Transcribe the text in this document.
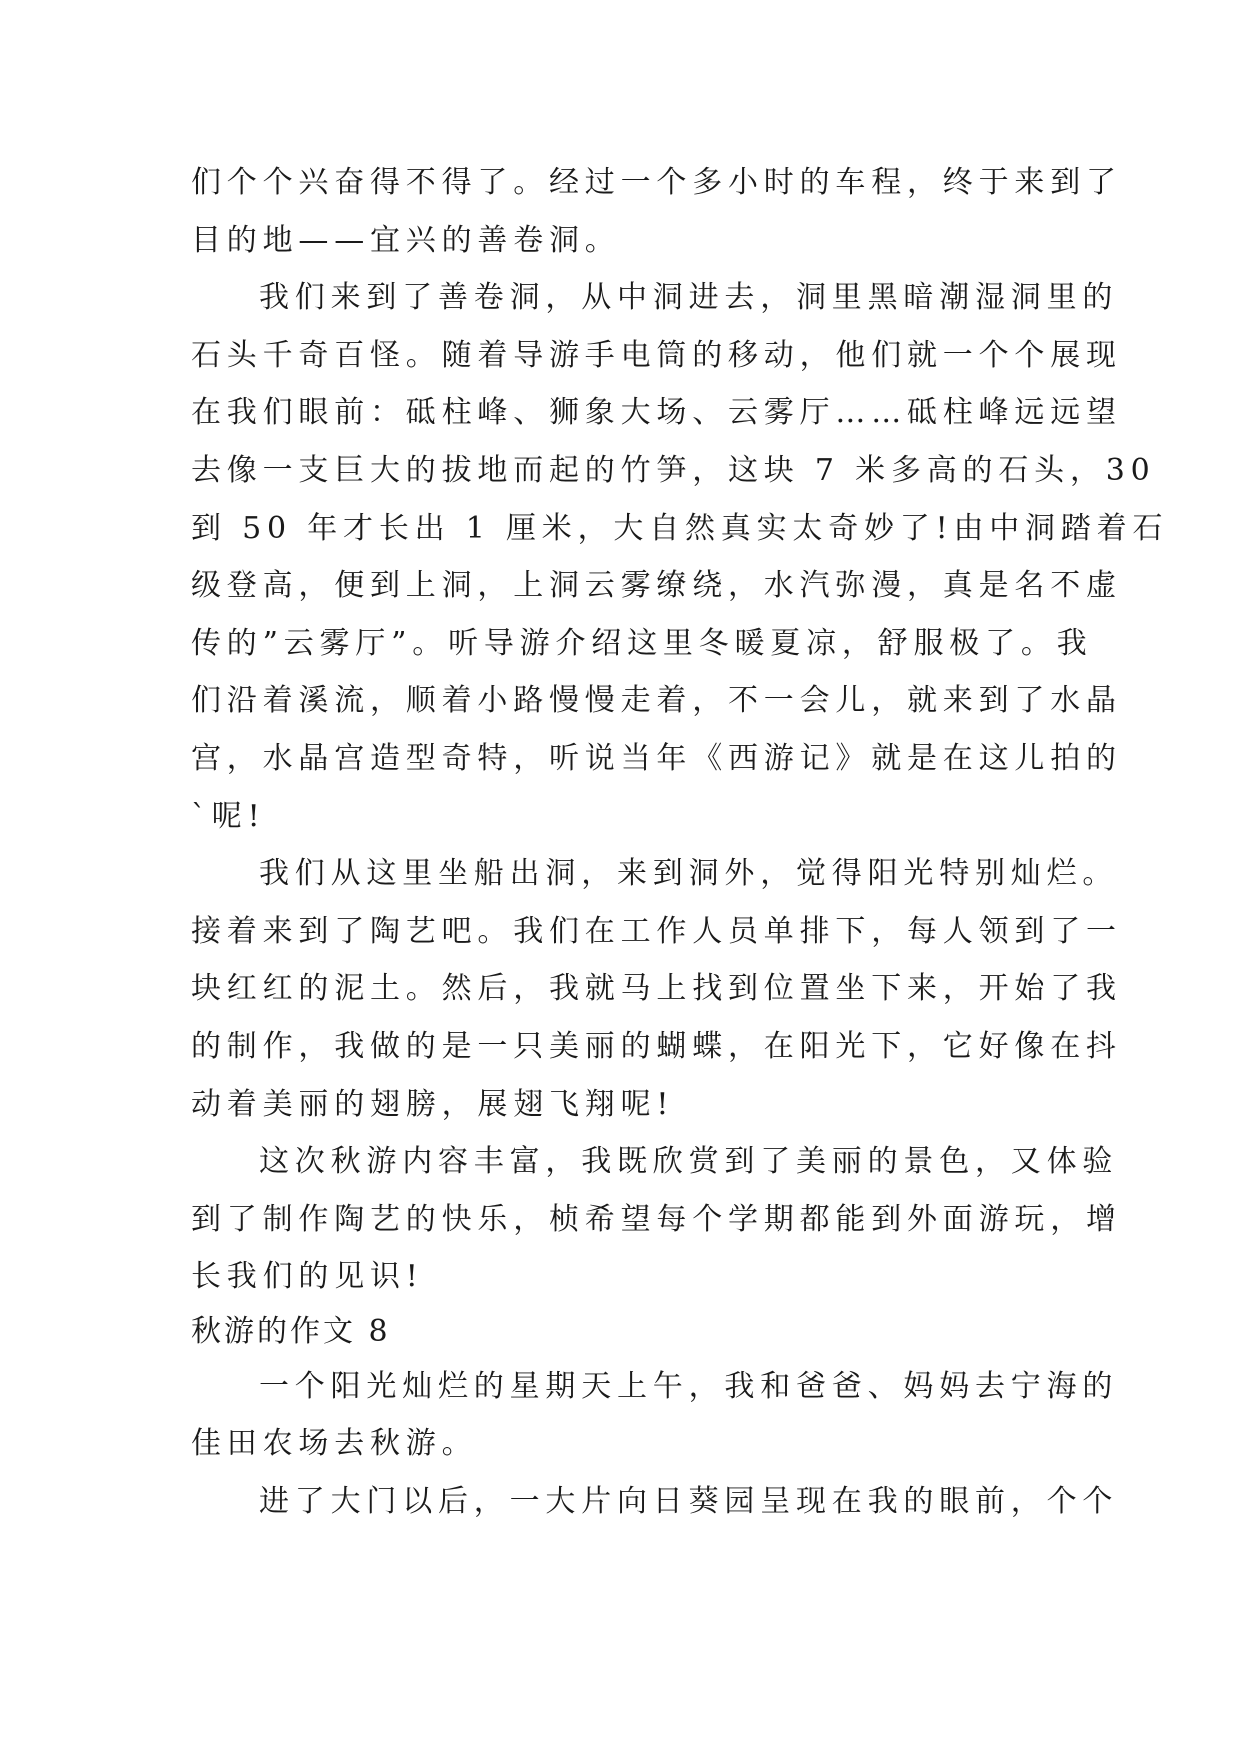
们个个兴奋得不得了。经过一个多小时的车程，终于来到了
目的地——宜兴的善卷洞。
我们来到了善卷洞，从中洞进去，洞里黑暗潮湿洞里的
石头千奇百怪。随着导游手电筒的移动，他们就一个个展现
在我们眼前：砥柱峰、狮象大场、云雾厅……砥柱峰远远望
去像一支巨大的拔地而起的竹笋，这块 7 米多高的石头，30
到 50 年才长出 1 厘米，大自然真实太奇妙了!由中洞踏着石
级登高，便到上洞，上洞云雾缭绕，水汽弥漫，真是名不虚
传的”云雾厅”。听导游介绍这里冬暖夏凉，舒服极了。我
们沿着溪流，顺着小路慢慢走着，不一会儿，就来到了水晶
宫，水晶宫造型奇特，听说当年《西游记》就是在这儿拍的
`呢!
我们从这里坐船出洞，来到洞外，觉得阳光特别灿烂。
接着来到了陶艺吧。我们在工作人员单排下，每人领到了一
块红红的泥土。然后，我就马上找到位置坐下来，开始了我
的制作，我做的是一只美丽的蝴蝶，在阳光下，它好像在抖
动着美丽的翅膀，展翅飞翔呢!
这次秋游内容丰富，我既欣赏到了美丽的景色，又体验
到了制作陶艺的快乐，桢希望每个学期都能到外面游玩，增
长我们的见识!
秋游的作文 8
一个阳光灿烂的星期天上午，我和爸爸、妈妈去宁海的
佳田农场去秋游。
进了大门以后，一大片向日葵园呈现在我的眼前，个个
